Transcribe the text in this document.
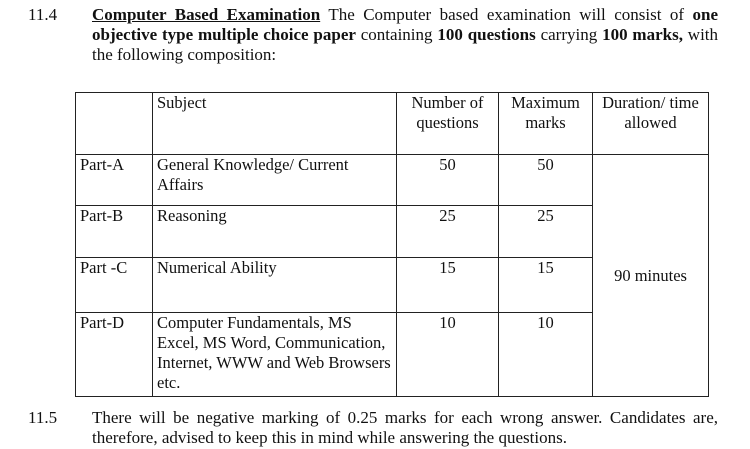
11.4 Computer Based Examination The Computer based examination will consist of one objective type multiple choice paper containing 100 questions carrying 100 marks, with the following composition:
	Subject	Number of questions	Maximum marks	Duration/ time allowed
Part-A	General Knowledge/ Current Affairs	50	50	90 minutes
Part-B	Reasoning	25	25	
Part -C	Numerical Ability	15	15	
Part-D	Computer Fundamentals, MS Excel, MS Word, Communication, Internet, WWW and Web Browsers etc.	10	10	
11.5 There will be negative marking of 0.25 marks for each wrong answer. Candidates are, therefore, advised to keep this in mind while answering the questions.
